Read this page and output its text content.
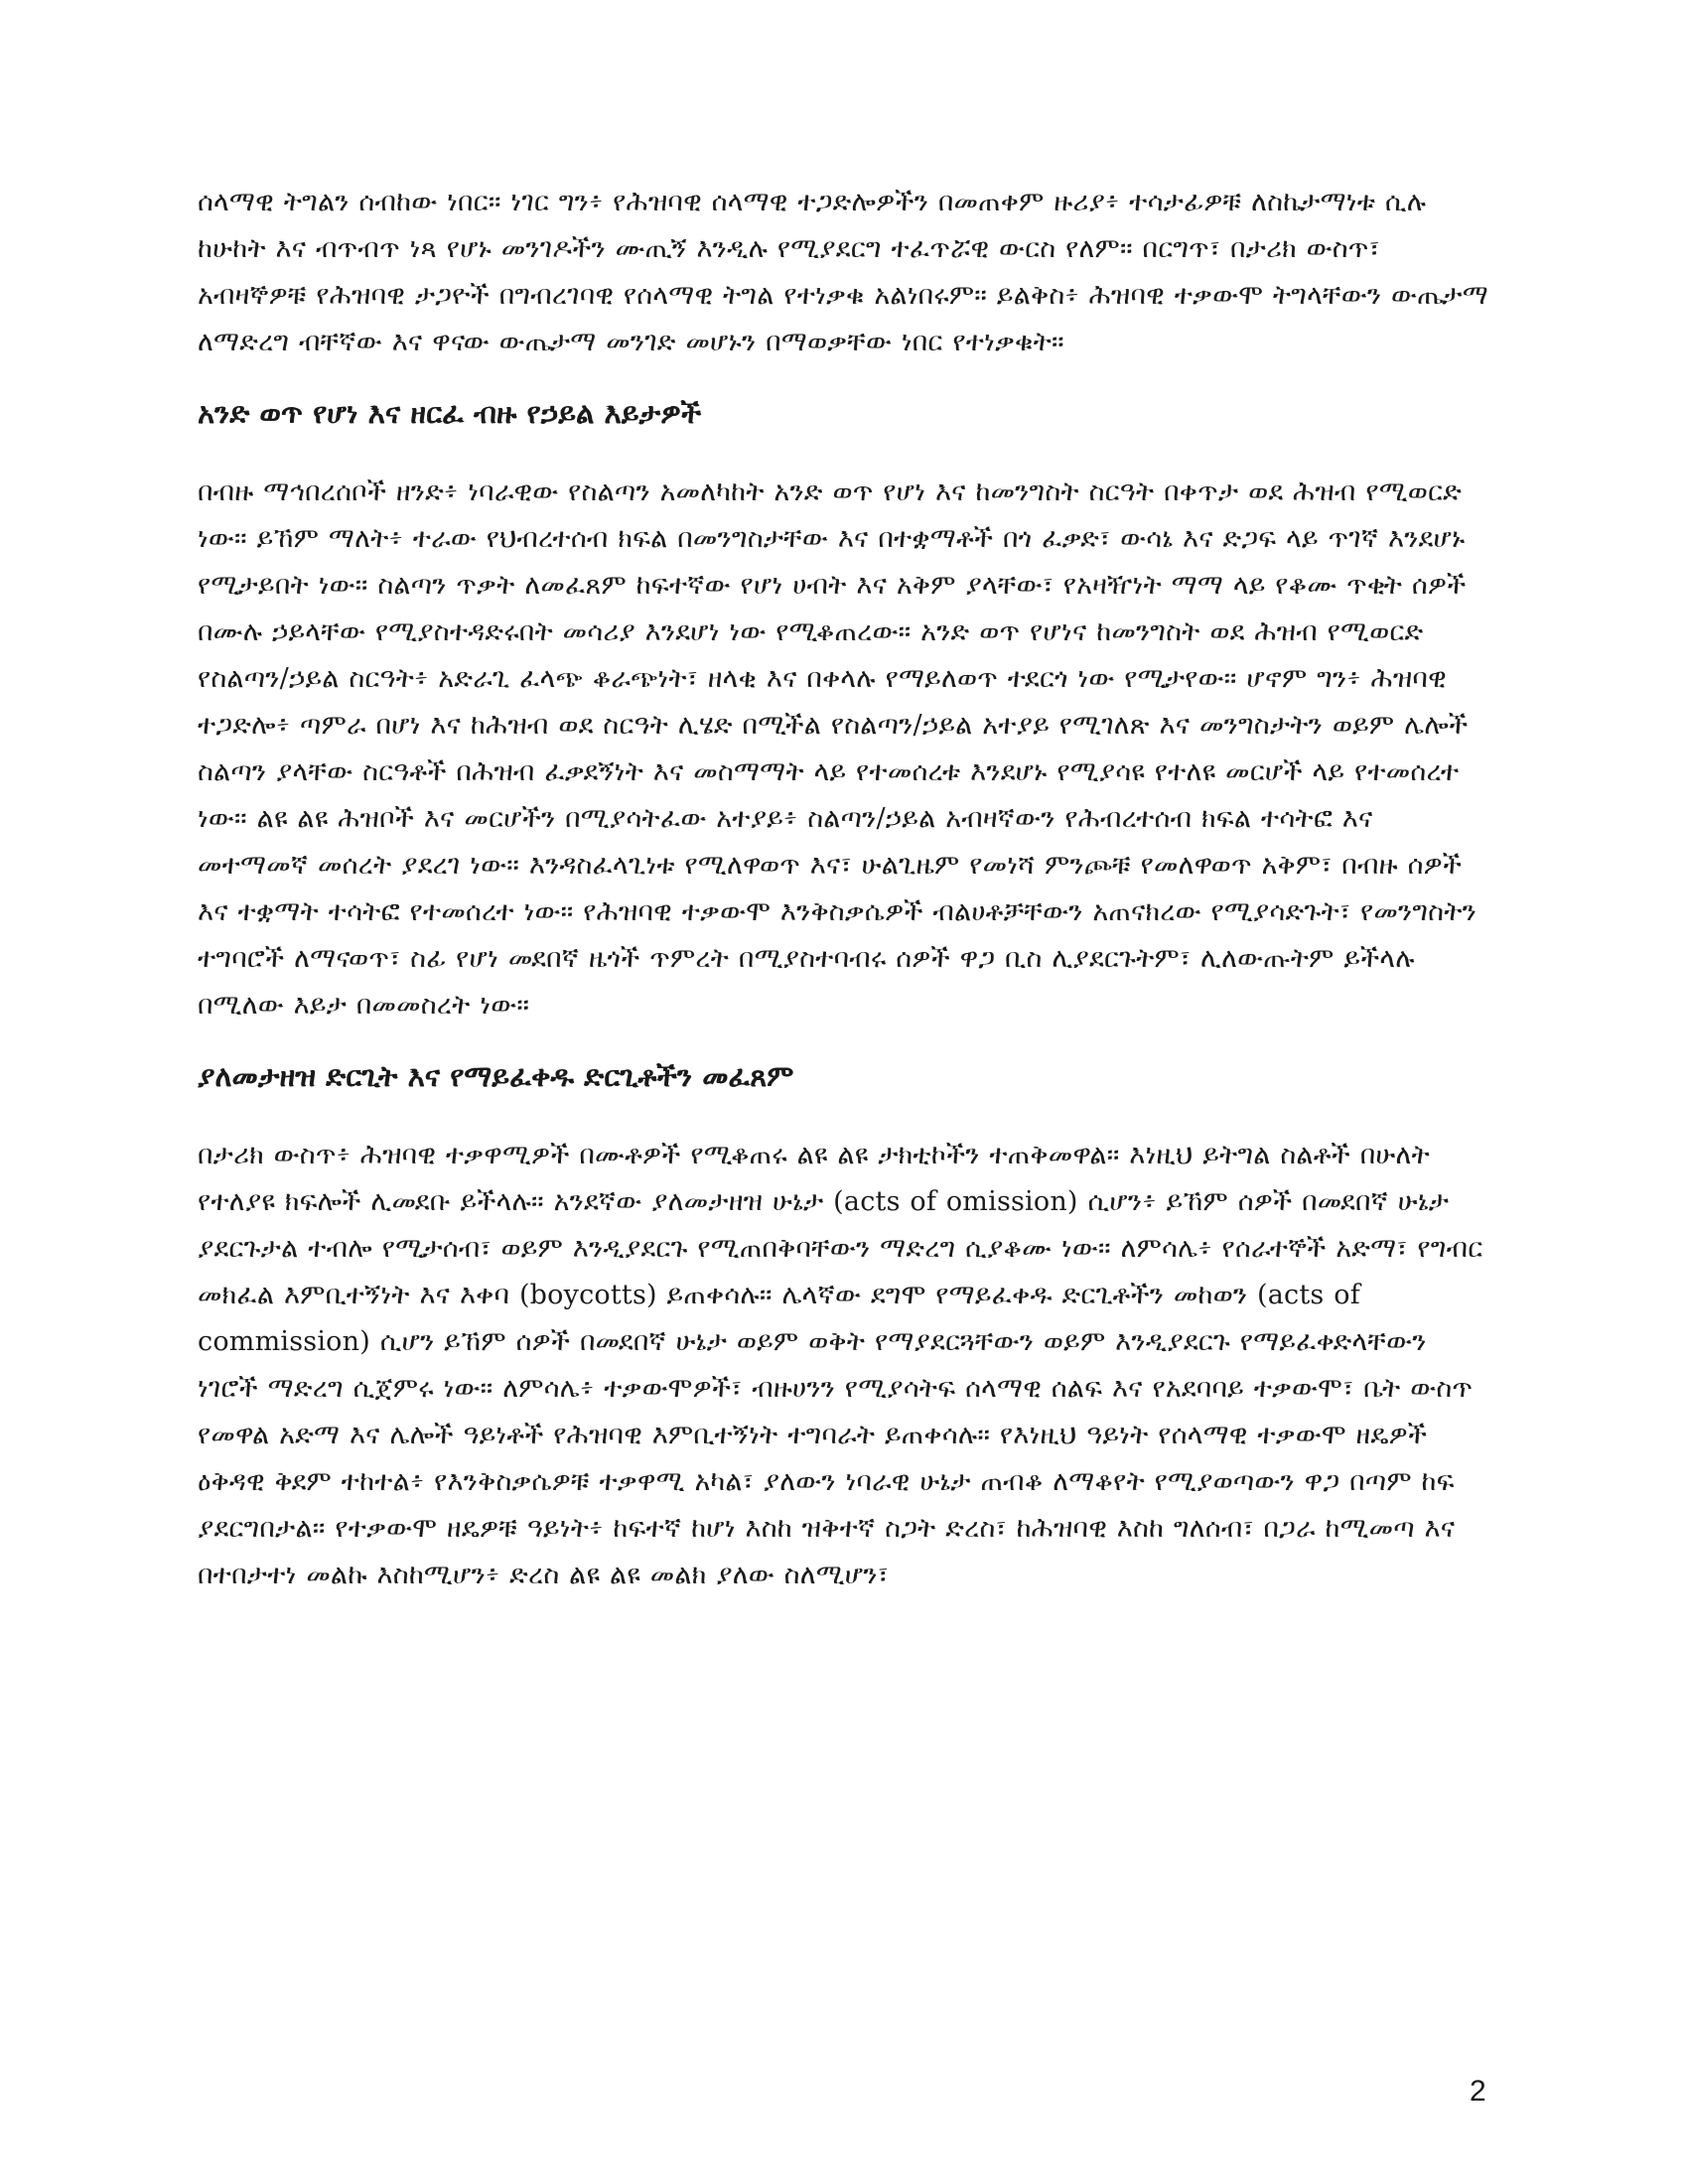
ሰላማዊ ትግልን ሰብከው ነበር። ነገር ግን፥ የሕዝባዊ ሰላማዊ ተጋድሎዎችን በመጠቀም ዙሪያ፥ ተሳታፊዎቹ ለስኬታማነቱ ሲሉ ከሁከት እና ብጥብጥ ነጻ የሆኑ መንገዶችን ሙጢኝ እንዲሉ የሚያደርግ ተፈጥሯዊ ውርስ የለም። በርግጥ፣ በታሪክ ውስጥ፣ አብዛኞዎቹ የሕዝባዊ ታጋዮች በግብረገባዊ የሰላማዊ ትግል የተነቃቁ አልነበሩም። ይልቅስ፥ ሕዝባዊ ተቃውሞ ትግላቸውን ውጤታማ ለማድረግ ብቸኛው እና ዋናው ውጤታማ መንገድ መሆኑን በማወቃቸው ነበር የተነቃቁት።

አንድ ወጥ የሆነ እና ዘርፈ ብዙ የኃይል እይታዎች

በብዙ ማኅበረሰቦች ዘንድ፥ ነባራዊው የስልጣን አመለካከት አንድ ወጥ የሆነ እና ከመንግስት ስርዓት በቀጥታ ወደ ሕዝብ የሚወርድ ነው። ይኸም ማለት፥ ተራው የህብረተሰብ ክፍል በመንግስታቸው እና በተቋማቶች በጎ ፈቃድ፣ ውሳኔ እና ድጋፍ ላይ ጥገኛ እንደሆኑ የሚታይበት ነው። ስልጣን ጥቃት ለመፈጸም ከፍተኛው የሆነ ሀብት እና አቅም ያላቸው፣ የአዛዥነት ማማ ላይ የቆሙ ጥቂት ሰዎች በሙሉ ኃይላቸው የሚያስተዳድሩበት መሳሪያ እንደሆነ ነው የሚቆጠረው። አንድ ወጥ የሆነና ከመንግስት ወደ ሕዝብ የሚወርድ የስልጣን/ኃይል ስርዓት፥ አድራጊ ፈላጭ ቆራጭነት፣ ዘላቂ እና በቀላሉ የማይለወጥ ተደርጎ ነው የሚታየው። ሆኖም ግን፥ ሕዝባዊ ተጋድሎ፥ ጣምራ በሆነ እና ከሕዝብ ወደ ስርዓት ሊሄድ በሚችል የስልጣን/ኃይል አተያይ የሚገለጽ እና መንግስታትን ወይም ሌሎች ስልጣን ያላቸው ስርዓቶች በሕዝብ ፈቃደኝነት እና መስማማት ላይ የተመሰረቱ እንደሆኑ የሚያሳዩ የተለዩ መርሆች ላይ የተመሰረተ ነው። ልዩ ልዩ ሕዝቦች እና መርሆችን በሚያሳትፈው አተያይ፥ ስልጣን/ኃይል አብዛኛውን የሕብረተሰብ ክፍል ተሳትፎ እና መተማመኛ መሰረት ያደረገ ነው። እንዳስፈላጊነቱ የሚለዋወጥ እና፣ ሁልጊዜም የመነሻ ምንጮቹ የመለዋወጥ አቅም፣ በብዙ ሰዎች እና ተቋማት ተሳትፎ የተመሰረተ ነው። የሕዝባዊ ተቃውሞ እንቅስቃሴዎች ብልሀቶቻቸውን አጠናክረው የሚያሳድጉት፣ የመንግስትን ተግባሮች ለማናወጥ፣ ስፊ የሆነ መደበኛ ዜጎች ጥምረት በሚያስተባብሩ ሰዎች ዋጋ ቢስ ሊያደርጉትም፣ ሊለውጡትም ይችላሉ በሚለው እይታ በመመስረት ነው።

ያለመታዘዝ ድርጊት እና የማይፈቀዱ ድርጊቶችን መፈጸም

በታሪክ ውስጥ፥ ሕዝባዊ ተቃዋሚዎች በሙቶዎች የሚቆጠሩ ልዩ ልዩ ታክቲኮችን ተጠቅመዋል። እነዚህ ይትግል ስልቶች በሁለት የተለያዩ ክፍሎች ሊመደቡ ይችላሉ። አንደኛው ያለመታዘዝ ሁኔታ (acts of omission) ሲሆን፥ ይኸም ሰዎች በመደበኛ ሁኔታ ያደርጉታል ተብሎ የሚታሰብ፣ ወይም እንዲያደርጉ የሚጠበቅባቸውን ማድረግ ሲያቆሙ ነው። ለምሳሌ፥ የሰራተኞች አድማ፣ የግብር መክፈል እምቢተኝነት እና እቀባ (boycotts) ይጠቀሳሉ። ሌላኛው ደግሞ የማይፈቀዱ ድርጊቶችን መከወን (acts of commission) ሲሆን ይኸም ሰዎች በመደበኛ ሁኔታ ወይም ወቅት የማያደርጓቸውን ወይም እንዲያደርጉ የማይፈቀድላቸውን ነገሮች ማድረግ ሲጀምሩ ነው። ለምሳሌ፥ ተቃውሞዎች፣ ብዙሀንን የሚያሳትፍ ሰላማዊ ሰልፍ እና የአደባባይ ተቃውሞ፣ ቤት ውስጥ የመዋል አድማ እና ሌሎች ዓይነቶች የሕዝባዊ እምቢተኝነት ተግባራት ይጠቀሳሉ። የእነዚህ ዓይነት የሰላማዊ ተቃውሞ ዘዴዎች ዕቅዳዊ ቅደም ተከተል፥ የእንቅስቃሴዎቹ ተቃዋሚ አካል፣ ያለውን ነባራዊ ሁኔታ ጠብቆ ለማቆየት የሚያወጣውን ዋጋ በጣም ከፍ ያደርግበታል። የተቃውሞ ዘዴዎቹ ዓይነት፥ ከፍተኛ ከሆነ እስከ ዝቅተኛ ስጋት ድረስ፣ ከሕዝባዊ እስከ ግለሰብ፣ በጋራ ከሚመጣ እና በተበታተነ መልኩ እስከሚሆን፥ ድረስ ልዩ ልዩ መልክ ያለው ስለሚሆን፣

2
